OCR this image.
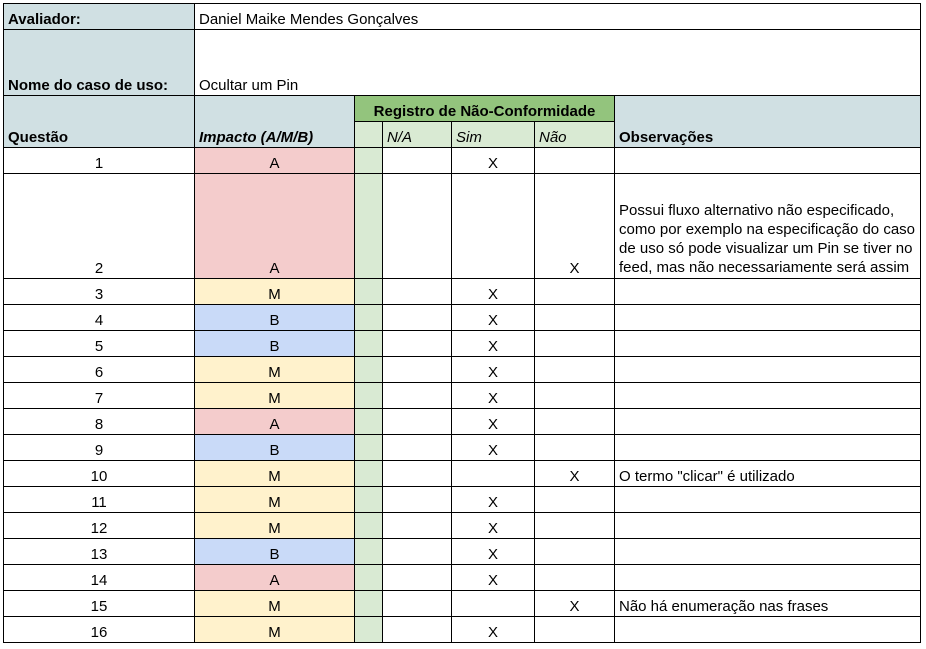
Avaliador:	Daniel Maike Mendes Gonçalves					
Nome do caso de uso:	Ocultar um Pin					
Questão	Impacto (A/M/B)	Registro de Não-Conformidade				Observações
			N/A	Sim	Não	
1	A			X		
2	A				X	Possui fluxo alternativo não especificado, como por exemplo na especificação do caso de uso só pode visualizar um Pin se tiver no feed, mas não necessariamente será assim
3	M			X		
4	B			X		
5	B			X		
6	M			X		
7	M			X		
8	A			X		
9	B			X		
10	M				X	O termo "clicar" é utilizado
11	M			X		
12	M			X		
13	B			X		
14	A			X		
15	M				X	Não há enumeração nas frases
16	M			X		
